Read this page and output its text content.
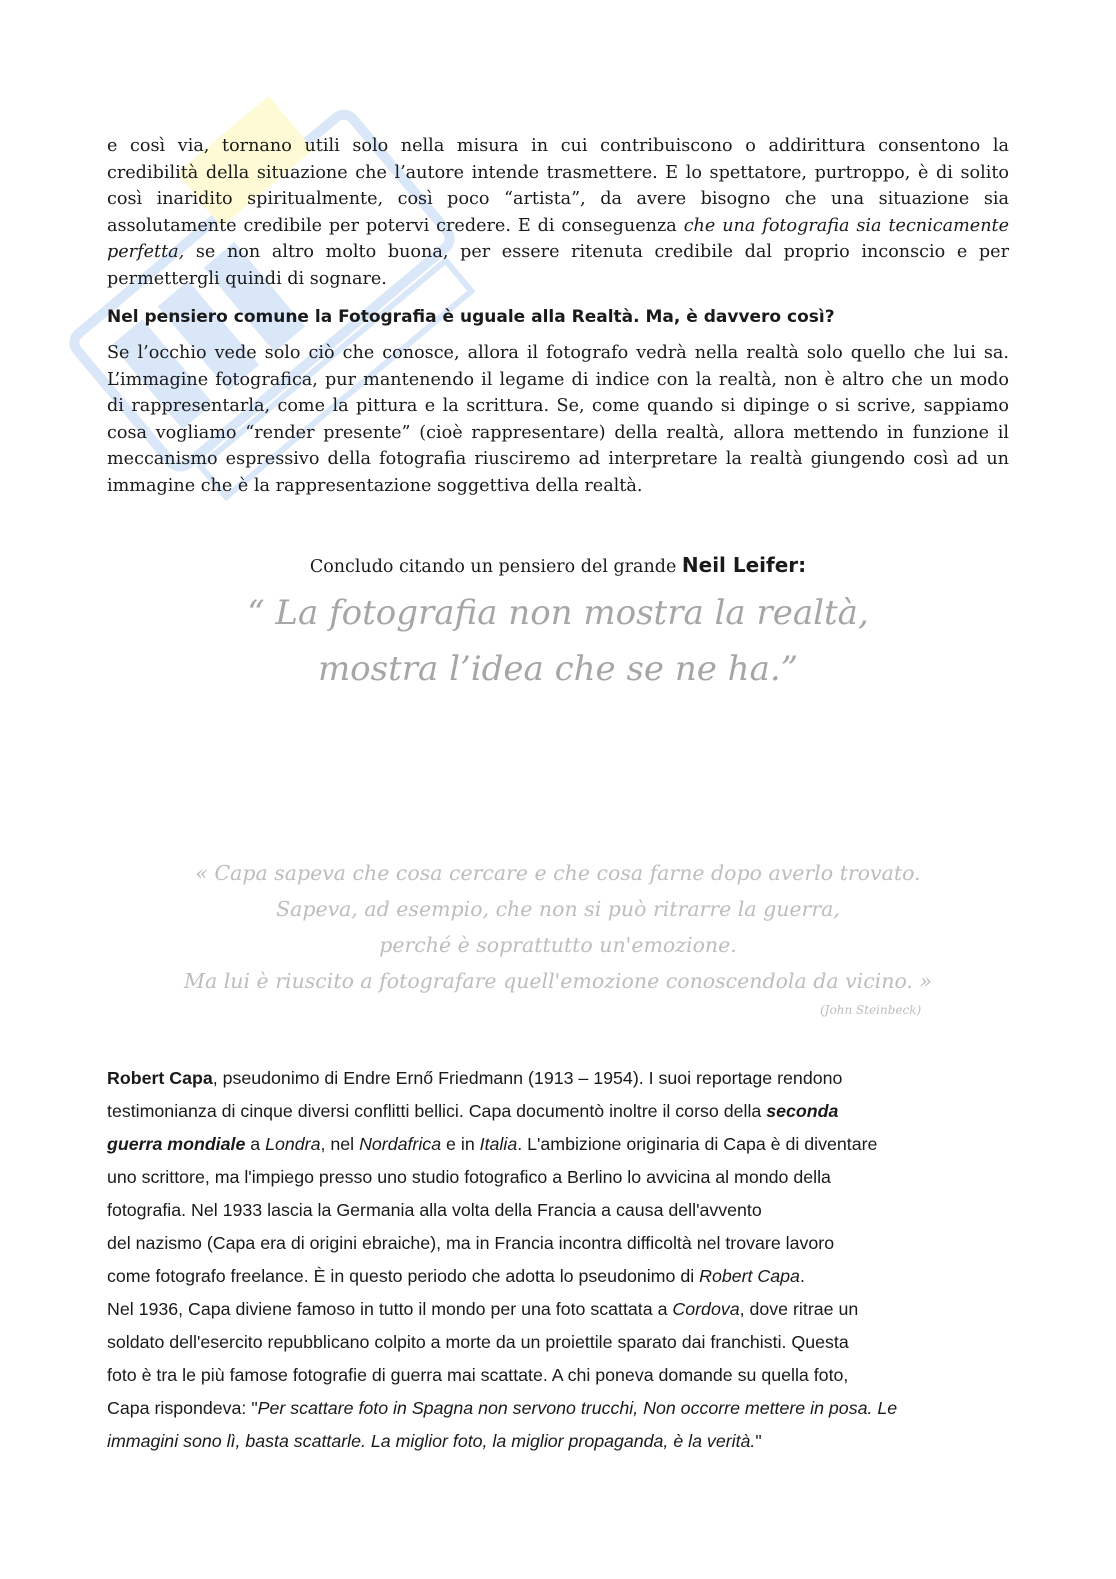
e così via, tornano utili solo nella misura in cui contribuiscono o addirittura consentono la
credibilità della situazione che l’autore intende trasmettere. E lo spettatore, purtroppo, è di solito
così inaridito spiritualmente, così poco “artista”, da avere bisogno che una situazione sia
assolutamente credibile per potervi credere. E di conseguenza che una fotografia sia tecnicamente
perfetta, se non altro molto buona, per essere ritenuta credibile dal proprio inconscio e per
permettergli quindi di sognare.
Nel pensiero comune la Fotografia è uguale alla Realtà. Ma, è davvero così?
Se l’occhio vede solo ciò che conosce, allora il fotografo vedrà nella realtà solo quello che lui sa.
L’immagine fotografica, pur mantenendo il legame di indice con la realtà, non è altro che un modo
di rappresentarla, come la pittura e la scrittura. Se, come quando si dipinge o si scrive, sappiamo
cosa vogliamo “render presente” (cioè rappresentare) della realtà, allora mettendo in funzione il
meccanismo espressivo della fotografia riusciremo ad interpretare la realtà giungendo così ad un
immagine che è la rappresentazione soggettiva della realtà.
Concludo citando un pensiero del grande Neil Leifer:
“ La fotografia non mostra la realtà,
mostra l’idea che se ne ha.”
« Capa sapeva che cosa cercare e che cosa farne dopo averlo trovato.
Sapeva, ad esempio, che non si può ritrarre la guerra,
perché è soprattutto un'emozione.
Ma lui è riuscito a fotografare quell'emozione conoscendola da vicino. »
(John Steinbeck)
Robert Capa, pseudonimo di Endre Ernő Friedmann (1913 – 1954). I suoi reportage rendono
testimonianza di cinque diversi conflitti bellici. Capa documentò inoltre il corso della seconda
guerra mondiale a Londra, nel Nordafrica e in Italia. L'ambizione originaria di Capa è di diventare
uno scrittore, ma l'impiego presso uno studio fotografico a Berlino lo avvicina al mondo della
fotografia. Nel 1933 lascia la Germania alla volta della Francia a causa dell'avvento
del nazismo (Capa era di origini ebraiche), ma in Francia incontra difficoltà nel trovare lavoro
come fotografo freelance. È in questo periodo che adotta lo pseudonimo di Robert Capa.
Nel 1936, Capa diviene famoso in tutto il mondo per una foto scattata a Cordova, dove ritrae un
soldato dell'esercito repubblicano colpito a morte da un proiettile sparato dai franchisti. Questa
foto è tra le più famose fotografie di guerra mai scattate. A chi poneva domande su quella foto,
Capa rispondeva: "Per scattare foto in Spagna non servono trucchi, Non occorre mettere in posa. Le
immagini sono lì, basta scattarle. La miglior foto, la miglior propaganda, è la verità."
